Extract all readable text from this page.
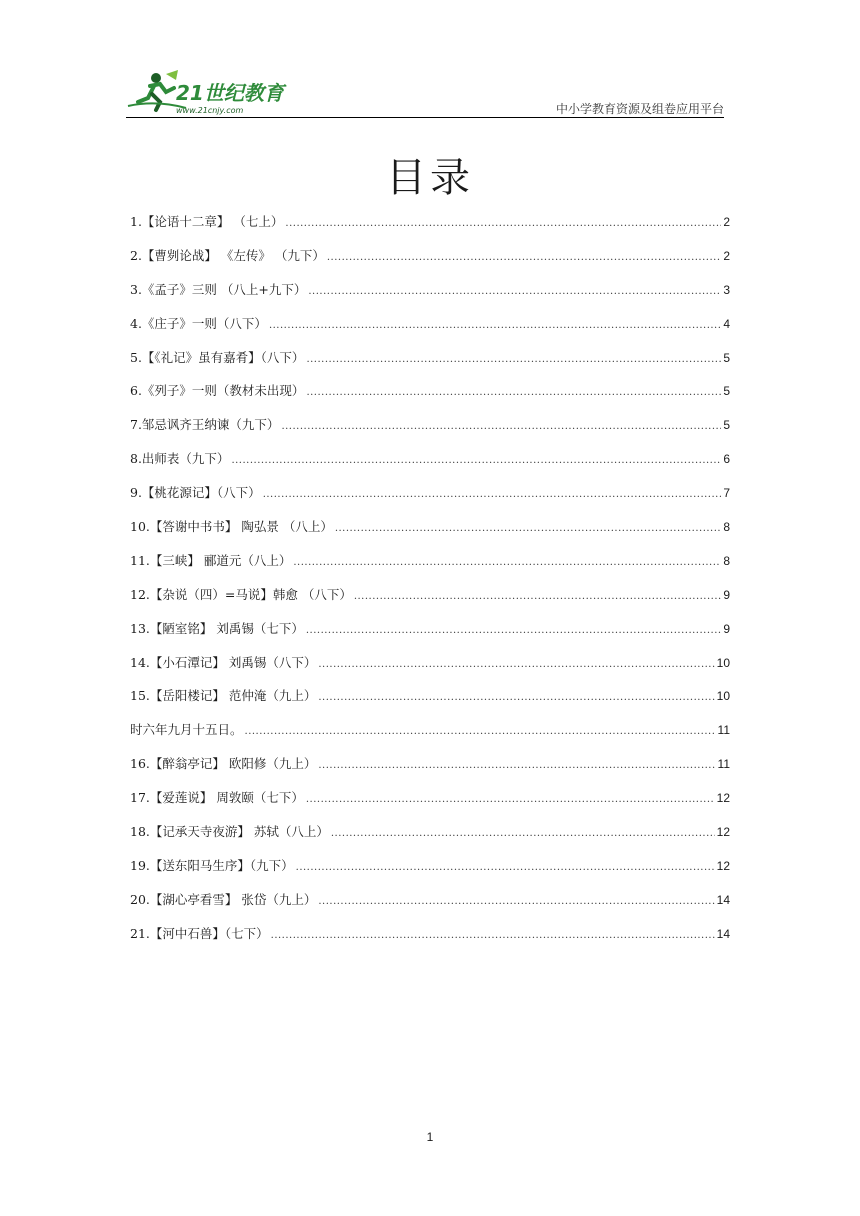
21世纪教育
www.21cnjy.com	中小学教育资源及组卷应用平台
目录
1.【论语十二章】 （七上） .....	2
2.【曹刿论战】 《左传》 （九下） .....	2
3.《孟子》三则 （八上+九下） .....	3
4.《庄子》一则（八下） .....	4
5.【《礼记》虽有嘉肴】（八下） .....	5
6.《列子》一则（教材未出现） .....	5
7.邹忌讽齐王纳谏（九下） .....	5
8.出师表（九下） .....	6
9.【桃花源记】（八下） .....	7
10.【答谢中书书】 陶弘景 （八上） .....	8
11.【三峡】 郦道元（八上） .....	8
12.【杂说（四）=马说】韩愈 （八下） .....	9
13.【陋室铭】 刘禹锡（七下） .....	9
14.【小石潭记】 刘禹锡（八下） .....	10
15.【岳阳楼记】 范仲淹（九上） .....	10
时六年九月十五日。 .....	11
16.【醉翁亭记】 欧阳修（九上） .....	11
17.【爱莲说】 周敦颐（七下） .....	12
18.【记承天寺夜游】 苏轼（八上） .....	12
19.【送东阳马生序】（九下） .....	12
20.【湖心亭看雪】 张岱（九上） .....	14
21.【河中石兽】（七下） .....	14
1
